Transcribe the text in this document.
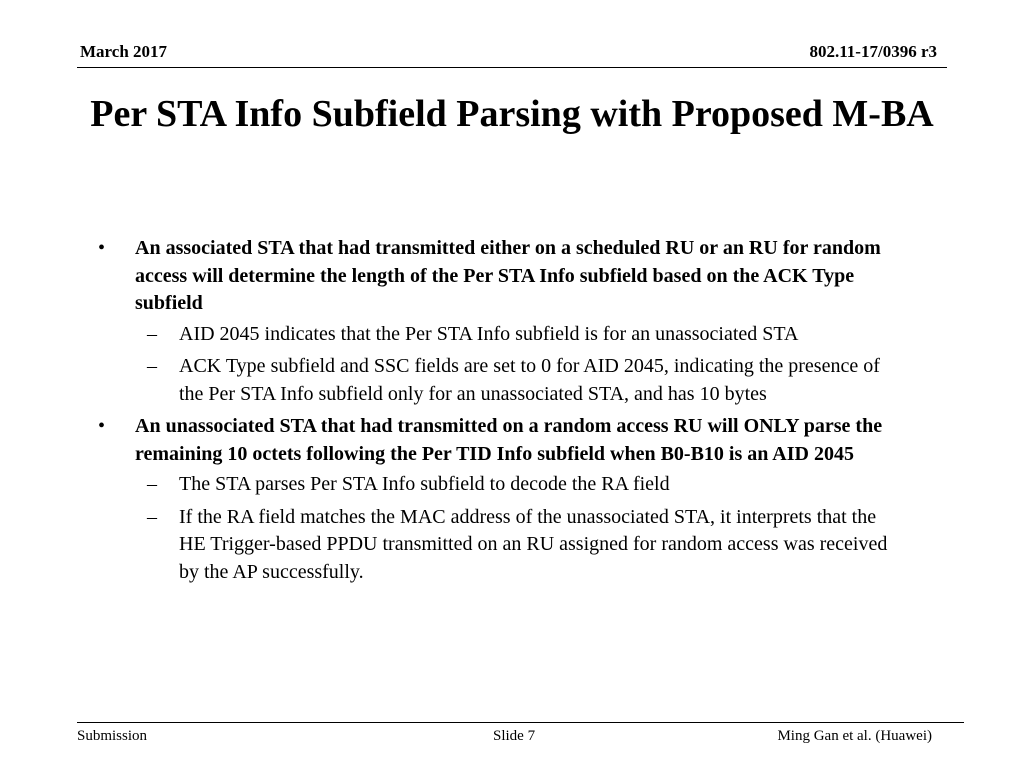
March 2017	802.11-17/0396 r3
Per STA Info Subfield Parsing with Proposed M-BA
• An associated STA that had transmitted either on a scheduled RU or an RU for random access will determine the length of the Per STA Info subfield based on the ACK Type subfield
– AID 2045 indicates that the Per STA Info subfield is for an unassociated STA
– ACK Type subfield and SSC fields are set to 0 for AID 2045, indicating the presence of the Per STA Info subfield only for an unassociated STA, and has 10 bytes
• An unassociated STA that had transmitted on a random access RU will ONLY parse the remaining 10 octets following the Per TID Info subfield when B0-B10 is an AID 2045
– The STA parses Per STA Info subfield to decode the RA field
– If the RA field matches the MAC address of the unassociated STA, it interprets that the HE Trigger-based PPDU transmitted on an RU assigned for random access was received by the AP successfully.
Submission	Slide 7	Ming Gan et al. (Huawei)
